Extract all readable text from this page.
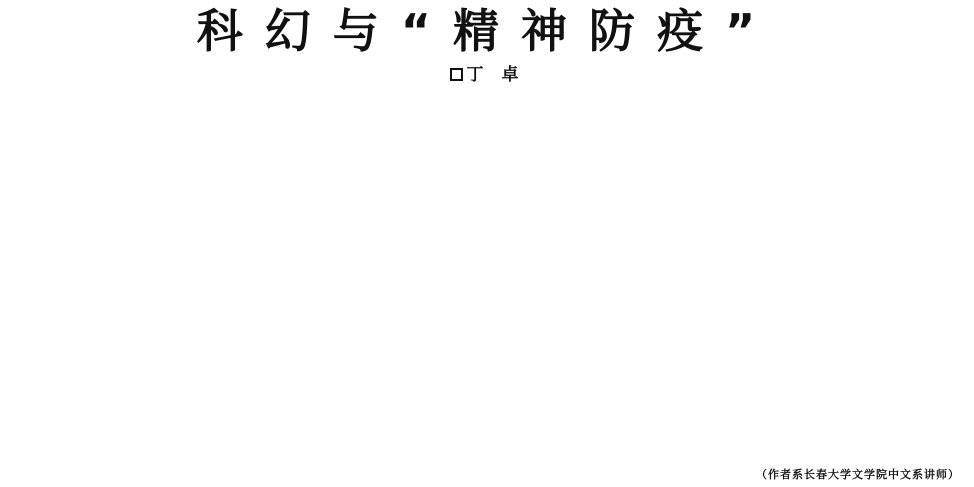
科幻与“精神防疫”
丁 卓
（作者系长春大学文学院中文系讲师）
